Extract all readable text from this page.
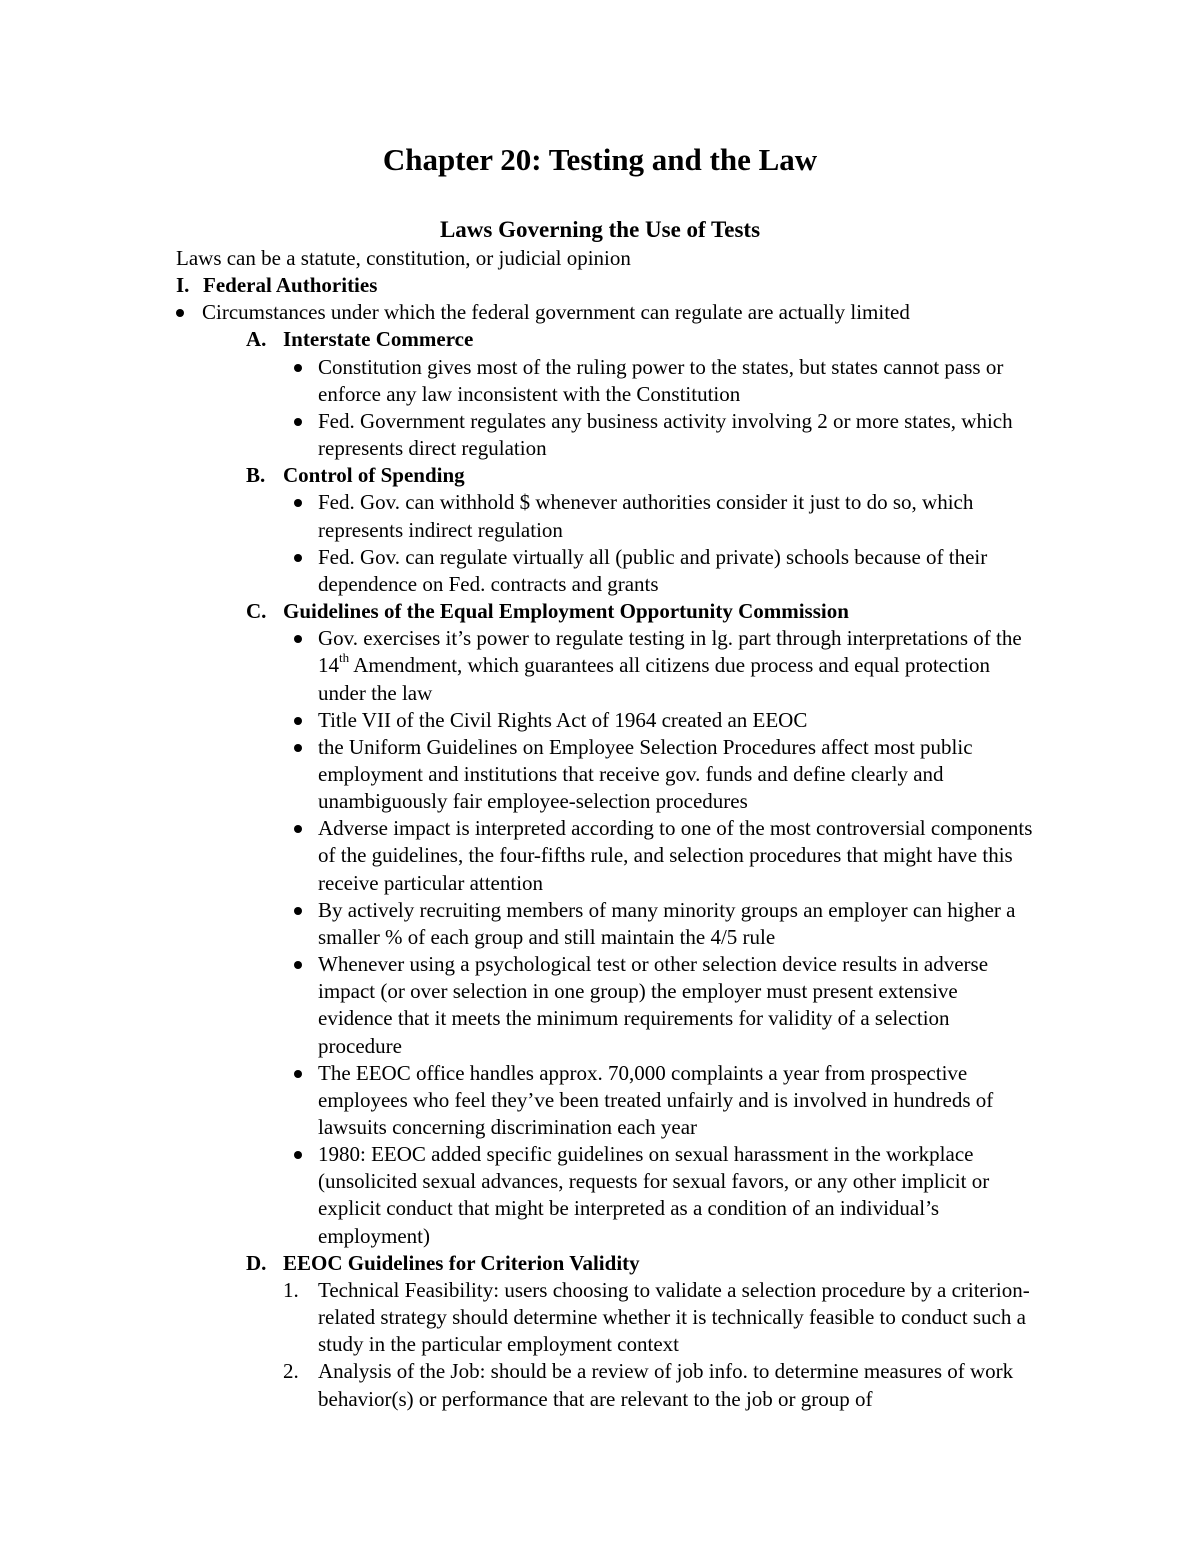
Chapter 20: Testing and the Law
Laws Governing the Use of Tests

Laws can be a statute, constitution, or judicial opinion

I. Federal Authorities

Circumstances under which the federal government can regulate are actually limited

A. Interstate Commerce

Constitution gives most of the ruling power to the states, but states cannot pass or enforce any law inconsistent with the Constitution

Fed. Government regulates any business activity involving 2 or more states, which represents direct regulation

B. Control of Spending

Fed. Gov. can withhold $ whenever authorities consider it just to do so, which represents indirect regulation

Fed. Gov. can regulate virtually all (public and private) schools because of their dependence on Fed. contracts and grants

C. Guidelines of the Equal Employment Opportunity Commission

Gov. exercises it’s power to regulate testing in lg. part through interpretations of the 14th Amendment, which guarantees all citizens due process and equal protection under the law

Title VII of the Civil Rights Act of 1964 created an EEOC

the Uniform Guidelines on Employee Selection Procedures affect most public employment and institutions that receive gov. funds and define clearly and unambiguously fair employee-selection procedures

Adverse impact is interpreted according to one of the most controversial components of the guidelines, the four-fifths rule, and selection procedures that might have this receive particular attention

By actively recruiting members of many minority groups an employer can higher a smaller % of each group and still maintain the 4/5 rule

Whenever using a psychological test or other selection device results in adverse impact (or over selection in one group) the employer must present extensive evidence that it meets the minimum requirements for validity of a selection procedure

The EEOC office handles approx. 70,000 complaints a year from prospective employees who feel they’ve been treated unfairly and is involved in hundreds of lawsuits concerning discrimination each year

1980: EEOC added specific guidelines on sexual harassment in the workplace (unsolicited sexual advances, requests for sexual favors, or any other implicit or explicit conduct that might be interpreted as a condition of an individual’s employment)

D. EEOC Guidelines for Criterion Validity

1. Technical Feasibility: users choosing to validate a selection procedure by a criterion-related strategy should determine whether it is technically feasible to conduct such a study in the particular employment context

2. Analysis of the Job: should be a review of job info. to determine measures of work behavior(s) or performance that are relevant to the job or group of
